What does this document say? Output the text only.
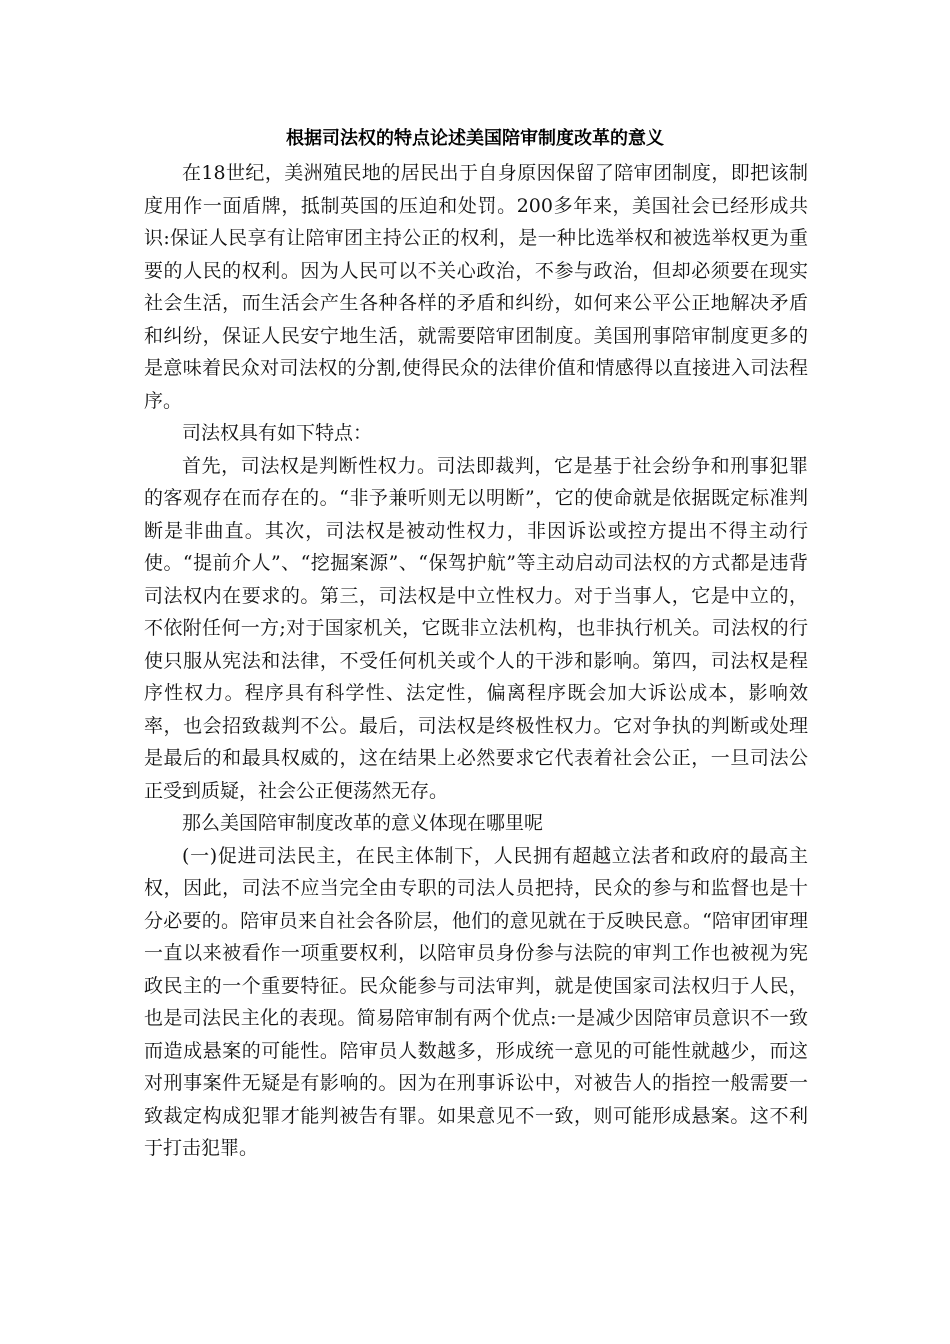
根据司法权的特点论述美国陪审制度改革的意义

在18世纪，美洲殖民地的居民出于自身原因保留了陪审团制度，即把该制度用作一面盾牌，抵制英国的压迫和处罚。200多年来，美国社会已经形成共识:保证人民享有让陪审团主持公正的权利，是一种比选举权和被选举权更为重要的人民的权利。因为人民可以不关心政治，不参与政治，但却必须要在现实社会生活，而生活会产生各种各样的矛盾和纠纷，如何来公平公正地解决矛盾和纠纷，保证人民安宁地生活，就需要陪审团制度。美国刑事陪审制度更多的是意味着民众对司法权的分割,使得民众的法律价值和情感得以直接进入司法程序。

司法权具有如下特点：

首先，司法权是判断性权力。司法即裁判，它是基于社会纷争和刑事犯罪的客观存在而存在的。“非予兼听则无以明断”，它的使命就是依据既定标准判断是非曲直。其次，司法权是被动性权力，非因诉讼或控方提出不得主动行使。“提前介人”、“挖掘案源”、“保驾护航”等主动启动司法权的方式都是违背司法权内在要求的。第三，司法权是中立性权力。对于当事人，它是中立的，不依附任何一方;对于国家机关，它既非立法机构，也非执行机关。司法权的行使只服从宪法和法律，不受任何机关或个人的干涉和影响。第四，司法权是程序性权力。程序具有科学性、法定性，偏离程序既会加大诉讼成本，影响效率，也会招致裁判不公。最后，司法权是终极性权力。它对争执的判断或处理是最后的和最具权威的，这在结果上必然要求它代表着社会公正，一旦司法公正受到质疑，社会公正便荡然无存。

那么美国陪审制度改革的意义体现在哪里呢

(一)促进司法民主，在民主体制下，人民拥有超越立法者和政府的最高主权，因此，司法不应当完全由专职的司法人员把持，民众的参与和监督也是十分必要的。陪审员来自社会各阶层，他们的意见就在于反映民意。“陪审团审理一直以来被看作一项重要权利，以陪审员身份参与法院的审判工作也被视为宪政民主的一个重要特征。民众能参与司法审判，就是使国家司法权归于人民，也是司法民主化的表现。简易陪审制有两个优点:一是减少因陪审员意识不一致而造成悬案的可能性。陪审员人数越多，形成统一意见的可能性就越少，而这对刑事案件无疑是有影响的。因为在刑事诉讼中，对被告人的指控一般需要一致裁定构成犯罪才能判被告有罪。如果意见不一致，则可能形成悬案。这不利于打击犯罪。
